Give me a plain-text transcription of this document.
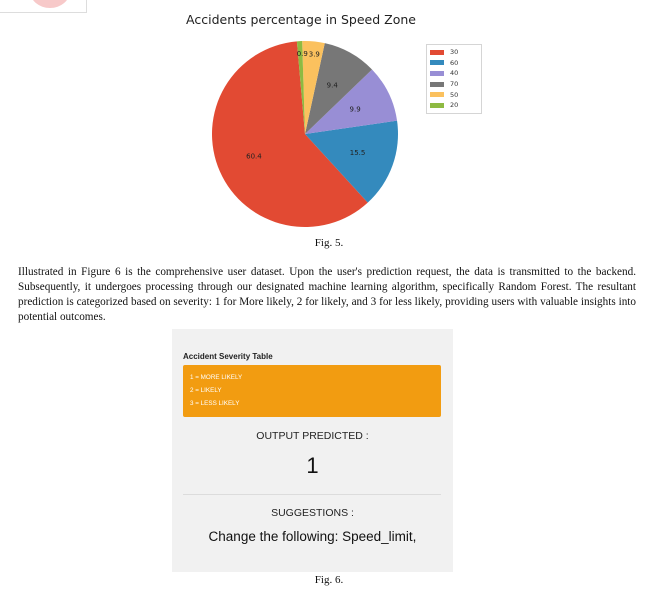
Accidents percentage in Speed Zone
60.4	15.5
9.9
9.4
3.9
0.9	30
60
40
70
50
20
Fig. 5.
Illustrated in Figure 6 is the comprehensive user dataset. Upon the user's prediction request, the data is transmitted to the backend. Subsequently, it undergoes processing through our designated machine learning algorithm, specifically Random Forest. The resultant prediction is categorized based on severity: 1 for More likely, 2 for likely, and 3 for less likely, providing users with valuable insights into potential outcomes.
Accident Severity Table
1 = MORE LIKELY
2 = LIKELY
3 = LESS LIKELY
OUTPUT PREDICTED :
1
SUGGESTIONS :
Change the following: Speed_limit,
Fig. 6.
